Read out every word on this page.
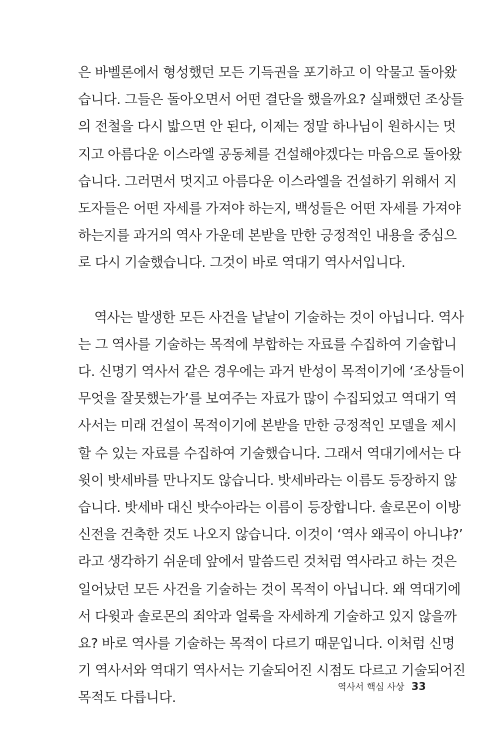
은 바벨론에서 형성했던 모든 기득권을 포기하고 이 악물고 돌아왔
습니다. 그들은 돌아오면서 어떤 결단을 했을까요? 실패했던 조상들
의 전철을 다시 밟으면 안 된다, 이제는 정말 하나님이 원하시는 멋
지고 아름다운 이스라엘 공동체를 건설해야겠다는 마음으로 돌아왔
습니다. 그러면서 멋지고 아름다운 이스라엘을 건설하기 위해서 지
도자들은 어떤 자세를 가져야 하는지, 백성들은 어떤 자세를 가져야
하는지를 과거의 역사 가운데 본받을 만한 긍정적인 내용을 중심으
로 다시 기술했습니다. 그것이 바로 역대기 역사서입니다.

역사는 발생한 모든 사건을 낱낱이 기술하는 것이 아닙니다. 역사
는 그 역사를 기술하는 목적에 부합하는 자료를 수집하여 기술합니
다. 신명기 역사서 같은 경우에는 과거 반성이 목적이기에 ‘조상들이
무엇을 잘못했는가’를 보여주는 자료가 많이 수집되었고 역대기 역
사서는 미래 건설이 목적이기에 본받을 만한 긍정적인 모델을 제시
할 수 있는 자료를 수집하여 기술했습니다. 그래서 역대기에서는 다
윗이 밧세바를 만나지도 않습니다. 밧세바라는 이름도 등장하지 않
습니다. 밧세바 대신 밧수아라는 이름이 등장합니다. 솔로몬이 이방
신전을 건축한 것도 나오지 않습니다. 이것이 ‘역사 왜곡이 아니냐?’
라고 생각하기 쉬운데 앞에서 말씀드린 것처럼 역사라고 하는 것은
일어났던 모든 사건을 기술하는 것이 목적이 아닙니다. 왜 역대기에
서 다윗과 솔로몬의 죄악과 얼룩을 자세하게 기술하고 있지 않을까
요? 바로 역사를 기술하는 목적이 다르기 때문입니다. 이처럼 신명
기 역사서와 역대기 역사서는 기술되어진 시점도 다르고 기술되어진
목적도 다릅니다.

역사서 핵심 사상 33
